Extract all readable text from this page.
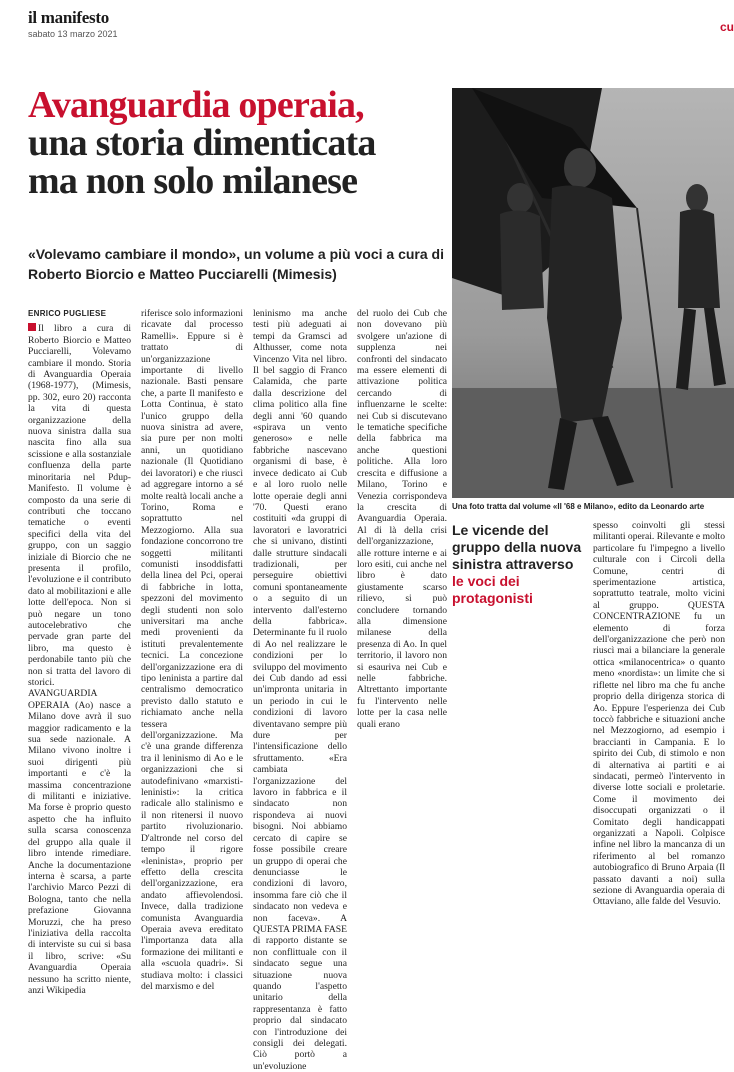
il manifesto
sabato 13 marzo 2021	cu
Avanguardia operaia,
una storia dimenticata
ma non solo milanese
«Volevamo cambiare il mondo», un volume a più voci a cura di Roberto Biorcio e Matteo Pucciarelli (Mimesis)
Una foto tratta dal volume «Il '68 e Milano», edito da Leonardo arte
ENRICO PUGLIESE

Il libro a cura di Roberto Biorcio e Matteo Pucciarelli, Volevamo cambiare il mondo. Storia di Avanguardia Operaia (1968-1977), (Mimesis, pp. 302, euro 20) racconta la vita di questa organizzazione della nuova sinistra dalla sua nascita fino alla sua scissione e alla sostanziale confluenza della parte minoritaria nel Pdup-Manifesto. Il volume è composto da una serie di contributi che toccano tematiche o eventi specifici della vita del gruppo, con un saggio iniziale di Biorcio che ne presenta il profilo, l'evoluzione e il contributo dato al mobilitazioni e alle lotte dell'epoca. Non si può negare un tono autocelebrativo che pervade gran parte del libro, ma questo è perdonabile tanto più che non si tratta del lavoro di storici.

AVANGUARDIA OPERAIA (Ao) nasce a Milano dove avrà il suo maggior radicamento e la sua sede nazionale. A Milano vivono inoltre i suoi dirigenti più importanti e c'è la massima concentrazione di militanti e iniziative. Ma forse è proprio questo aspetto che ha influito sulla scarsa conoscenza del gruppo alla quale il libro intende rimediare. Anche la documentazione interna è scarsa, a parte l'archivio Marco Pezzi di Bologna, tanto che nella prefazione Giovanna Moruzzi, che ha preso l'iniziativa della raccolta di interviste su cui si basa il libro, scrive: «Su Avanguardia Operaia nessuno ha scritto niente, anzi Wikipedia

riferisce solo informazioni ricavate dal processo Ramelli». Eppure si è trattato di un'organizzazione importante di livello nazionale. Basti pensare che, a parte Il manifesto e Lotta Continua, è stato l'unico gruppo della nuova sinistra ad avere, sia pure per non molti anni, un quotidiano nazionale (Il Quotidiano dei lavoratori) e che riuscì ad aggregare intorno a sé molte realtà locali anche a Torino, Roma e soprattutto nel Mezzogiorno. Alla sua fondazione concorrono tre soggetti militanti comunisti insoddisfatti della linea del Pci, operai di fabbriche in lotta, spezzoni del movimento degli studenti non solo universitari ma anche medi provenienti da istituti prevalentemente tecnici. La concezione dell'organizzazione era di tipo leninista a partire dal centralismo democratico previsto dallo statuto e richiamato anche nella tessera dell'organizzazione. Ma c'è una grande differenza tra il leninismo di Ao e le organizzazioni che si autodefinivano «marxisti-leninisti»: la critica radicale allo stalinismo e il non ritenersi il nuovo partito rivoluzionario. D'altronde nel corso del tempo il rigore «leninista», proprio per effetto della crescita dell'organizzazione, era andato affievolendosi. Invece, dalla tradizione comunista Avanguardia Operaia aveva ereditato l'importanza data alla formazione dei militanti e alla «scuola quadri». Si studiava molto: i classici del marxismo e del

leninismo ma anche testi più adeguati ai tempi da Gramsci ad Althusser, come nota Vincenzo Vita nel libro. Il bel saggio di Franco Calamida, che parte dalla descrizione del clima politico alla fine degli anni '60 quando «spirava un vento generoso» e nelle fabbriche nascevano organismi di base, è invece dedicato ai Cub e al loro ruolo nelle lotte operaie degli anni '70. Questi erano costituiti «da gruppi di lavoratori e lavoratrici che si univano, distinti dalle strutture sindacali tradizionali, per perseguire obiettivi comuni spontaneamente o a seguito di un intervento dall'esterno della fabbrica». Determinante fu il ruolo di Ao nel realizzare le condizioni per lo sviluppo del movimento dei Cub dando ad essi un'impronta unitaria in un periodo in cui le condizioni di lavoro diventavano sempre più dure per l'intensificazione dello sfruttamento. «Era cambiata l'organizzazione del lavoro in fabbrica e il sindacato non rispondeva ai nuovi bisogni. Noi abbiamo cercato di capire se fosse possibile creare un gruppo di operai che denunciasse le condizioni di lavoro, insomma fare ciò che il sindacato non vedeva e non faceva». A QUESTA PRIMA FASE di rapporto distante se non conflittuale con il sindacato segue una situazione nuova quando l'aspetto unitario della rappresentanza è fatto proprio dal sindacato con l'introduzione dei consigli dei delegati. Ciò portò a un'evoluzione

del ruolo dei Cub che non dovevano più svolgere un'azione di supplenza nei confronti del sindacato ma essere elementi di attivazione politica cercando di influenzarne le scelte: nei Cub si discutevano le tematiche specifiche della fabbrica ma anche questioni politiche. Alla loro crescita e diffusione a Milano, Torino e Venezia corrispondeva la crescita di Avanguardia Operaia. Al di là della crisi dell'organizzazione, alle rotture interne e ai loro esiti, cui anche nel libro è dato giustamente scarso rilievo, si può concludere tornando alla dimensione milanese della presenza di Ao. In quel territorio, il lavoro non si esauriva nei Cub e nelle fabbriche. Altrettanto importante fu l'intervento nelle lotte per la casa nelle quali erano

Le vicende del gruppo della nuova sinistra attraverso le voci dei protagonisti

spesso coinvolti gli stessi militanti operai. Rilevante e molto particolare fu l'impegno a livello culturale con i Circoli della Comune, centri di sperimentazione artistica, soprattutto teatrale, molto vicini al gruppo. QUESTA CONCENTRAZIONE fu un elemento di forza dell'organizzazione che però non riuscì mai a bilanciare la generale ottica «milanocentrica» o quanto meno «nordista»: un limite che si riflette nel libro ma che fu anche proprio della dirigenza storica di Ao. Eppure l'esperienza dei Cub toccò fabbriche e situazioni anche nel Mezzogiorno, ad esempio i braccianti in Campania. E lo spirito dei Cub, di stimolo e non di alternativa ai partiti e ai sindacati, permeò l'intervento in diverse lotte sociali e proletarie. Come il movimento dei disoccupati organizzati o il Comitato degli handicappati organizzati a Napoli. Colpisce infine nel libro la mancanza di un riferimento al bel romanzo autobiografico di Bruno Arpaia (Il passato davanti a noi) sulla sezione di Avanguardia operaia di Ottaviano, alle falde del Vesuvio.
